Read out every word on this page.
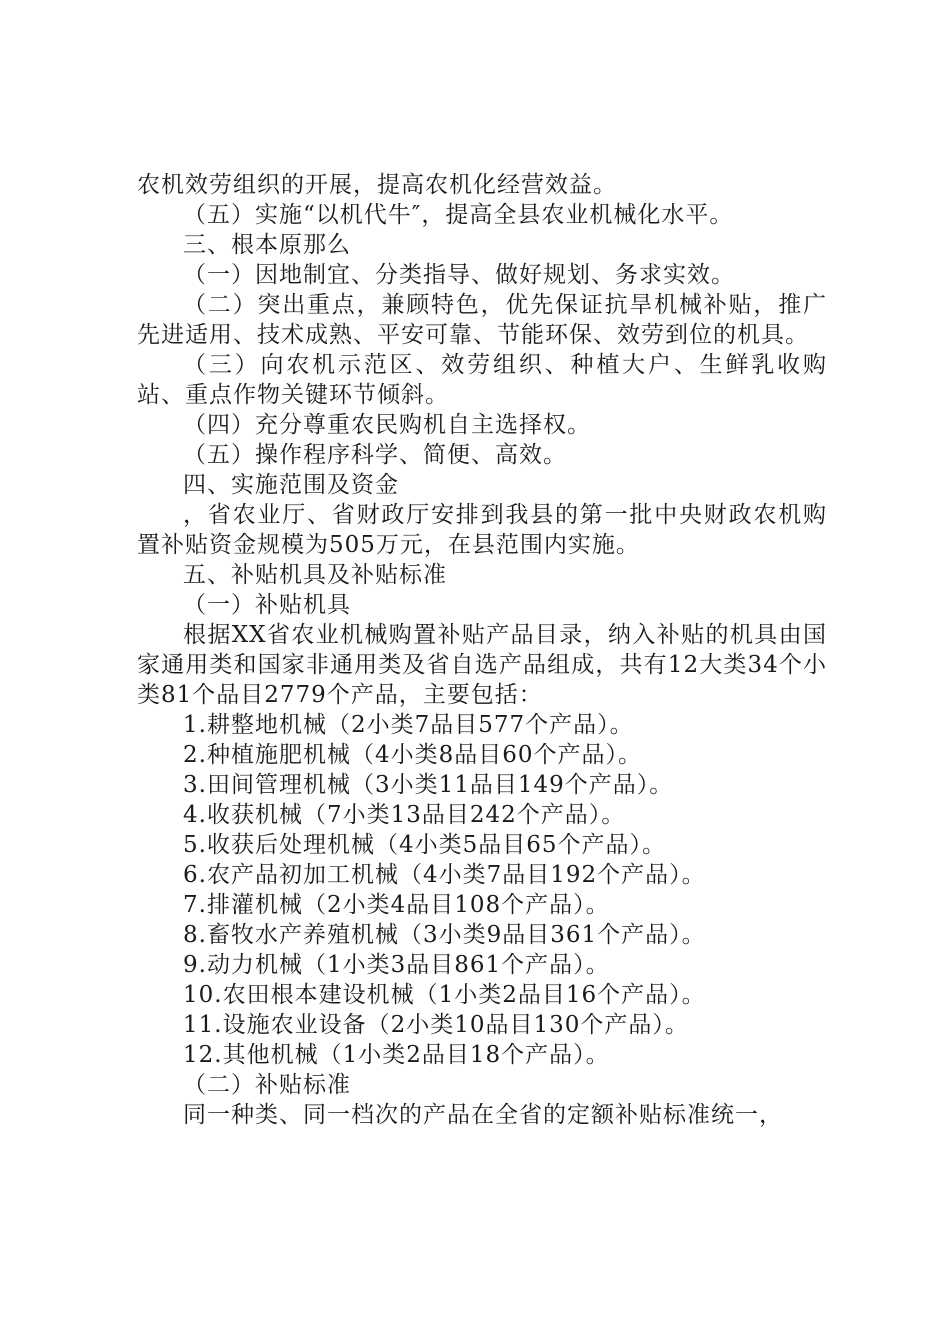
农机效劳组织的开展，提高农机化经营效益。

（五）实施“以机代牛″，提高全县农业机械化水平。

三、根本原那么

（一）因地制宜、分类指导、做好规划、务求实效。

（二）突出重点，兼顾特色，优先保证抗旱机械补贴，推广先进适用、技术成熟、平安可靠、节能环保、效劳到位的机具。

（三）向农机示范区、效劳组织、种植大户、生鲜乳收购站、重点作物关键环节倾斜。

（四）充分尊重农民购机自主选择权。

（五）操作程序科学、简便、高效。

四、实施范围及资金

，省农业厅、省财政厅安排到我县的第一批中央财政农机购置补贴资金规模为505万元，在县范围内实施。

五、补贴机具及补贴标准

（一）补贴机具

根据XX省农业机械购置补贴产品目录，纳入补贴的机具由国家通用类和国家非通用类及省自选产品组成，共有12大类34个小类81个品目2779个产品，主要包括：

1.耕整地机械（2小类7品目577个产品）。

2.种植施肥机械（4小类8品目60个产品）。

3.田间管理机械（3小类11品目149个产品）。

4.收获机械（7小类13品目242个产品）。

5.收获后处理机械（4小类5品目65个产品）。

6.农产品初加工机械（4小类7品目192个产品）。

7.排灌机械（2小类4品目108个产品）。

8.畜牧水产养殖机械（3小类9品目361个产品）。

9.动力机械（1小类3品目861个产品）。

10.农田根本建设机械（1小类2品目16个产品）。

11.设施农业设备（2小类10品目130个产品）。

12.其他机械（1小类2品目18个产品）。

（二）补贴标准

同一种类、同一档次的产品在全省的定额补贴标准统一，
